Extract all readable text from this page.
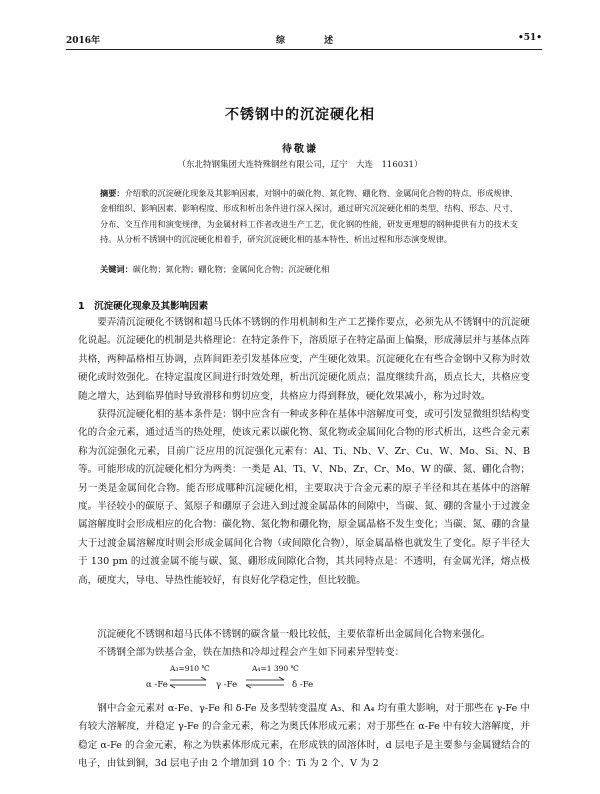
2016年	综 述	•51•
不锈钢中的沉淀硬化相
待敬谦
（东北特钢集团大连特殊钢丝有限公司，辽宁　大连　116031）
摘要：介绍歌的沉淀硬化现象及其影响因素，对钢中的碳化物、氮化物、硼化物、金属间化合物的特点、形成规律、金相组织、影响因素、影响程度、形成和析出条件进行深入探讨，通过研究沉淀硬化相的类型、结构、形态、尺寸、分布、交互作用和演变规律，为金属材料工作者改进生产工艺，优化钢的性能，研发更理想的钢种提供有力的技术支持。从分析不锈钢中的沉淀硬化相着手，研究沉淀硬化相的基本特性、析出过程和形态演变规律。
关键词：碳化物；氮化物；硼化物；金属间化合物；沉淀硬化相
1　沉淀硬化现象及其影响因素

要弄清沉淀硬化不锈钢和超马氏体不锈钢的作用机制和生产工艺操作要点，必须先从不锈钢中的沉淀硬化说起。沉淀硬化的机制是共格理论：在特定条件下，溶质原子在特定晶面上偏聚，形成薄层并与基体点阵共格，两种晶格相互协调，点阵间距差引发基体应变，产生硬化效果。沉淀硬化在有些合金钢中又称为时效硬化或时效强化。在特定温度区间进行时效处理，析出沉淀硬化质点；温度继续升高，质点长大，共格应变随之增大，达到临界值时导致滑移和剪切应变，共格应力得到释放，硬化效果减小，称为过时效。

获得沉淀硬化相的基本条件是：钢中应含有一种或多种在基体中溶解度可变，或可引发显微组织结构变化的合金元素，通过适当的热处理，使该元素以碳化物、氮化物或金属间化合物的形式析出，这些合金元素称为沉淀强化元素，目前广泛应用的沉淀强化元素有：Al、Ti、Nb、V、Zr、Cu、W、Mo、Si、N、B 等。可能形成的沉淀硬化相分为两类：一类是 Al、Ti、V、Nb、Zr、Cr、Mo、W 的碳、氮、硼化合物；另一类是金属间化合物。能否形成哪种沉淀硬化相，主要取决于合金元素的原子半径和其在基体中的溶解度。半径较小的碳原子、氮原子和硼原子会进入到过渡金属晶体的间隙中，当碳、氮、硼的含量小于过渡金属溶解度时会形成相应的化合物：碳化物、氮化物和硼化物，原金属晶格不发生变化；当碳、氮、硼的含量大于过渡金属溶解度时则会形成金属间化合物（或间隙化合物），原金属晶格也就发生了变化。原子半径大于 130 pm 的过渡金属不能与碳、氮、硼形成间隙化合物，其共同特点是：不透明，有金属光泽，熔点极高，硬度大，导电、导热性能较好，有良好化学稳定性，但比较脆。

沉淀硬化不锈钢和超马氏体不锈钢的碳含量一般比较低，主要依靠析出金属间化合物来强化。

不锈钢全部为铁基合金，铁在加热和冷却过程会产生如下同素异型转变：

A₃=910 ℃	A₄=1 390 ℃
α -Fe	γ -Fe	δ -Fe

钢中合金元素对 α-Fe、γ-Fe 和 δ-Fe 及多型转变温度 A₃、和 A₄ 均有重大影响，对于那些在 γ-Fe 中有较大溶解度，并稳定 γ-Fe 的合金元素，称之为奥氏体形成元素；对于那些在 α-Fe 中有较大溶解度，并稳定 α-Fe 的合金元素，称之为铁素体形成元素，在形成铁的固溶体时，d 层电子是主要参与金属键结合的电子，由钛到铜，3d 层电子由 2 个增加到 10 个：Ti 为 2 个、V 为 2
